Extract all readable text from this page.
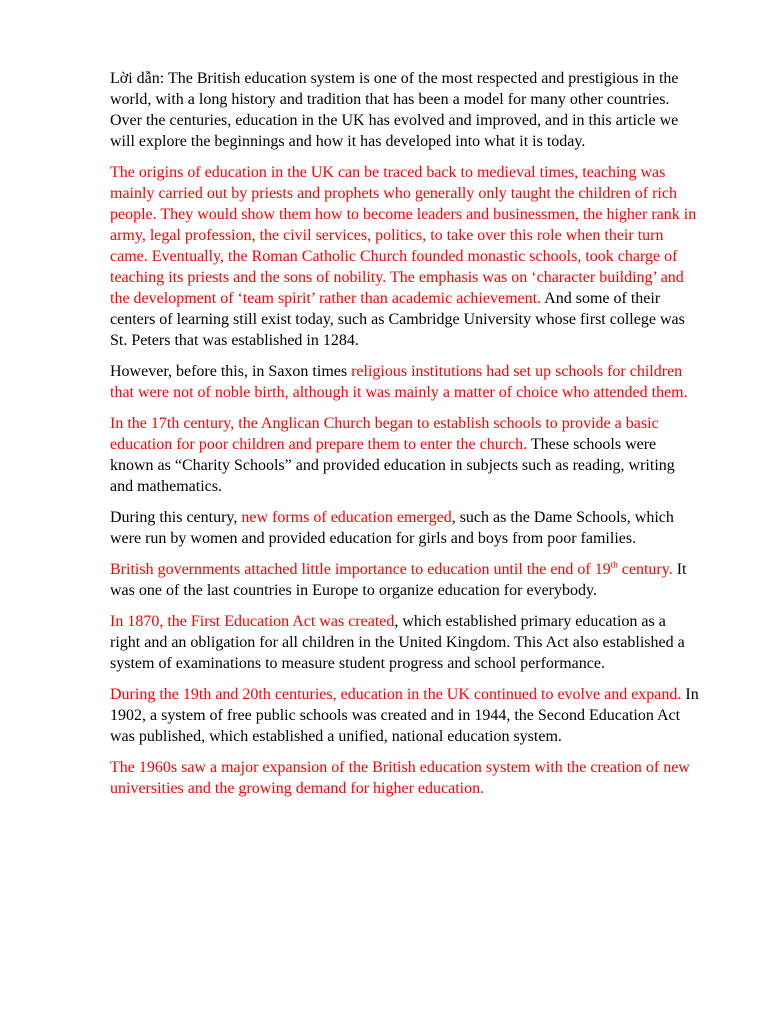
Lời dẫn: The British education system is one of the most respected and prestigious in the world, with a long history and tradition that has been a model for many other countries. Over the centuries, education in the UK has evolved and improved, and in this article we will explore the beginnings and how it has developed into what it is today.

The origins of education in the UK can be traced back to medieval times, teaching was mainly carried out by priests and prophets who generally only taught the children of rich people. They would show them how to become leaders and businessmen, the higher rank in army, legal profession, the civil services, politics, to take over this role when their turn came. Eventually, the Roman Catholic Church founded monastic schools, took charge of teaching its priests and the sons of nobility. The emphasis was on ‘character building’ and the development of ‘team spirit’ rather than academic achievement. And some of their centers of learning still exist today, such as Cambridge University whose first college was St. Peters that was established in 1284.

However, before this, in Saxon times religious institutions had set up schools for children that were not of noble birth, although it was mainly a matter of choice who attended them.

In the 17th century, the Anglican Church began to establish schools to provide a basic education for poor children and prepare them to enter the church. These schools were known as “Charity Schools” and provided education in subjects such as reading, writing and mathematics.

During this century, new forms of education emerged, such as the Dame Schools, which were run by women and provided education for girls and boys from poor families.

British governments attached little importance to education until the end of 19th century. It was one of the last countries in Europe to organize education for everybody.

In 1870, the First Education Act was created, which established primary education as a right and an obligation for all children in the United Kingdom. This Act also established a system of examinations to measure student progress and school performance.

During the 19th and 20th centuries, education in the UK continued to evolve and expand. In 1902, a system of free public schools was created and in 1944, the Second Education Act was published, which established a unified, national education system.

The 1960s saw a major expansion of the British education system with the creation of new universities and the growing demand for higher education.
